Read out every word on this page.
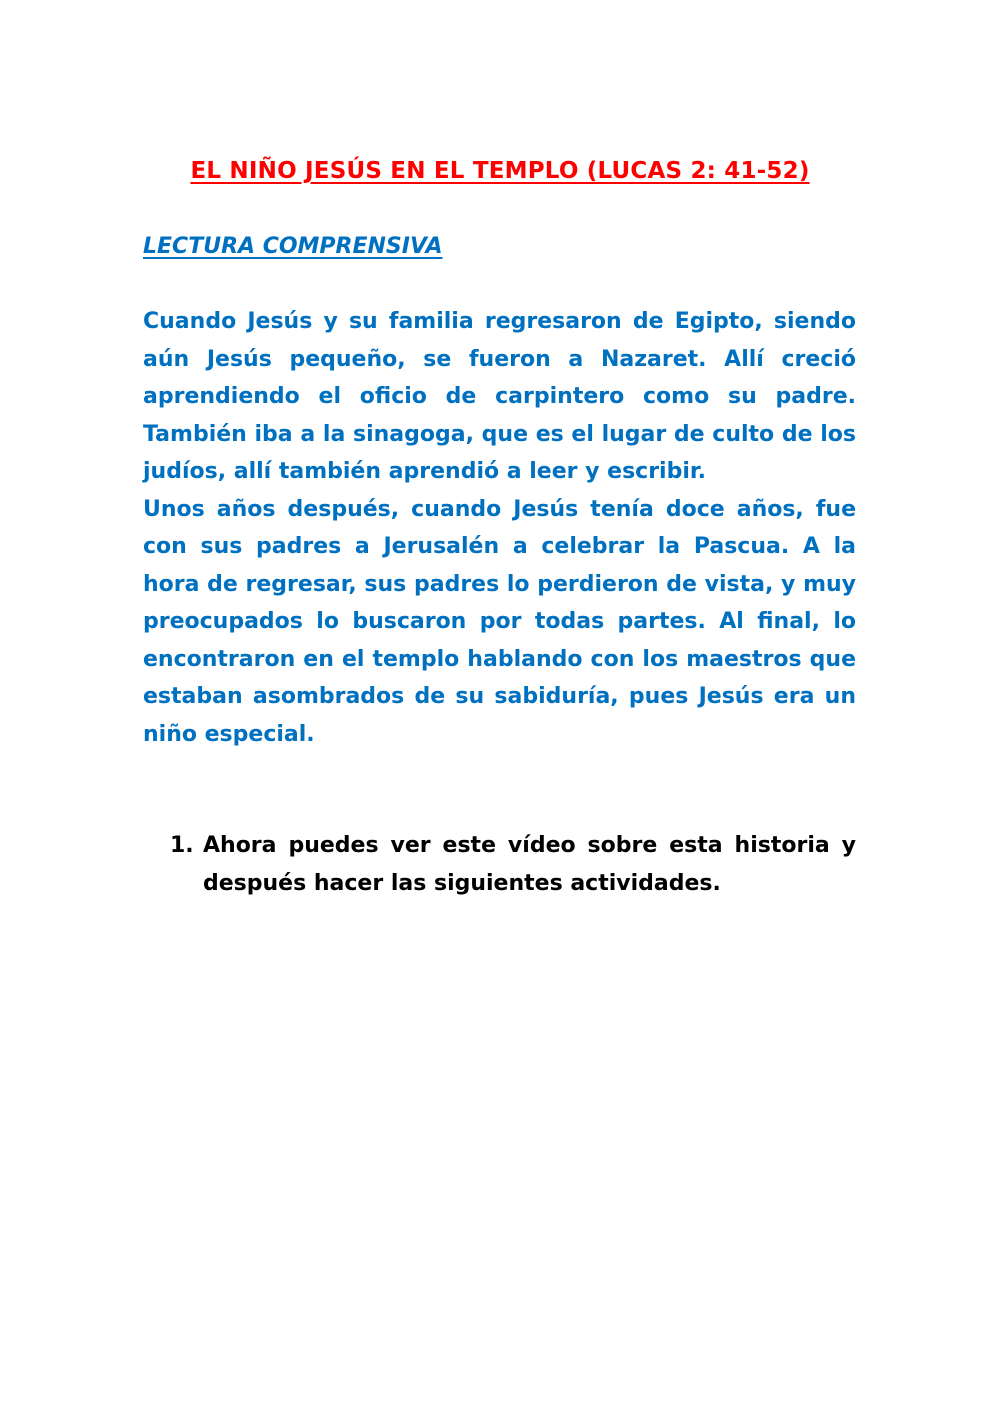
EL NIÑO JESÚS EN EL TEMPLO (LUCAS 2: 41-52)
LECTURA COMPRENSIVA

Cuando Jesús y su familia regresaron de Egipto, siendo aún Jesús pequeño, se fueron a Nazaret. Allí creció aprendiendo el oficio de carpintero como su padre. También iba a la sinagoga, que es el lugar de culto de los judíos, allí también aprendió a leer y escribir.

Unos años después, cuando Jesús tenía doce años, fue con sus padres a Jerusalén a celebrar la Pascua. A la hora de regresar, sus padres lo perdieron de vista, y muy preocupados lo buscaron por todas partes. Al final, lo encontraron en el templo hablando con los maestros que estaban asombrados de su sabiduría, pues Jesús era un niño especial.

1. Ahora puedes ver este vídeo sobre esta historia y después hacer las siguientes actividades.
